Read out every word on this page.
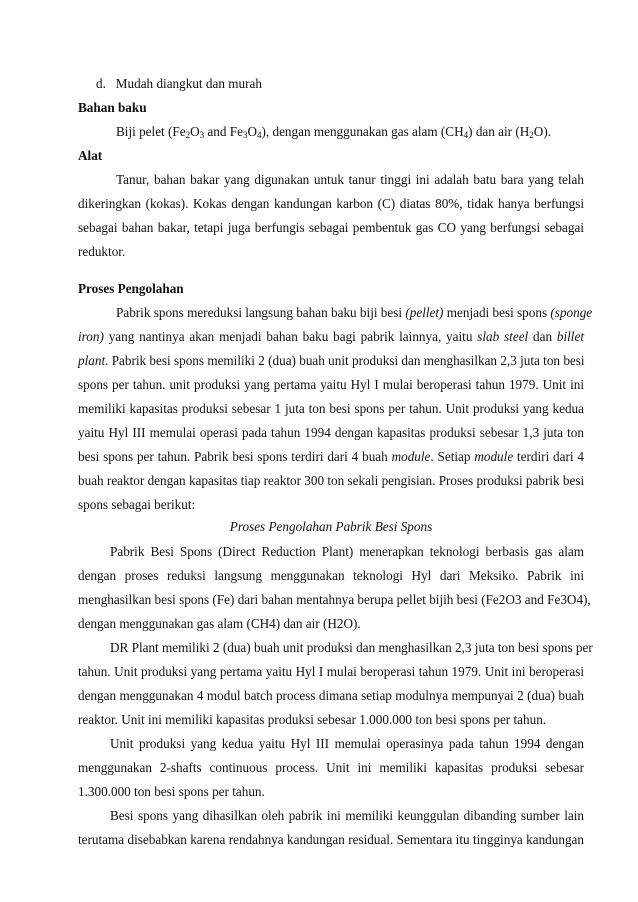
d. Mudah diangkut dan murah
Bahan baku
Biji pelet ($Fe_2O_3$ and $Fe_3O_4$), dengan menggunakan gas alam $(CH_4)$ dan air $(H_2O)$.
Alat
Tanur, bahan bakar yang digunakan untuk tanur tinggi ini adalah batu bara yang telah
dikeringkan (kokas). Kokas dengan kandungan karbon (C) diatas 80%, tidak hanya berfungsi
sebagai bahan bakar, tetapi juga berfungis sebagai pembentuk gas CO yang berfungsi sebagai
reduktor.
Proses Pengolahan
Pabrik spons mereduksi langsung bahan baku biji besi (pellet) menjadi besi spons (sponge
iron) yang nantinya akan menjadi bahan baku bagi pabrik lainnya, yaitu slab steel dan billet
plant. Pabrik besi spons memiliki 2 (dua) buah unit produksi dan menghasilkan 2,3 juta ton besi
spons per tahun. unit produksi yang pertama yaitu Hyl I mulai beroperasi tahun 1979. Unit ini
memiliki kapasitas produksi sebesar 1 juta ton besi spons per tahun. Unit produksi yang kedua
yaitu Hyl III memulai operasi pada tahun 1994 dengan kapasitas produksi sebesar 1,3 juta ton
besi spons per tahun. Pabrik besi spons terdiri dari 4 buah module. Setiap module terdiri dari 4
buah reaktor dengan kapasitas tiap reaktor 300 ton sekali pengisian. Proses produksi pabrik besi
spons sebagai berikut:
Proses Pengolahan Pabrik Besi Spons
Pabrik Besi Spons (Direct Reduction Plant) menerapkan teknologi berbasis gas alam
dengan proses reduksi langsung menggunakan teknologi Hyl dari Meksiko. Pabrik ini
menghasilkan besi spons (Fe) dari bahan mentahnya berupa pellet bijih besi (Fe2O3 and Fe3O4),
dengan menggunakan gas alam (CH4) dan air (H2O).
DR Plant memiliki 2 (dua) buah unit produksi dan menghasilkan 2,3 juta ton besi spons per
tahun. Unit produksi yang pertama yaitu Hyl I mulai beroperasi tahun 1979. Unit ini beroperasi
dengan menggunakan 4 modul batch process dimana setiap modulnya mempunyai 2 (dua) buah
reaktor. Unit ini memiliki kapasitas produksi sebesar 1.000.000 ton besi spons per tahun.
Unit produksi yang kedua yaitu Hyl III memulai operasinya pada tahun 1994 dengan
menggunakan 2-shafts continuous process. Unit ini memiliki kapasitas produksi sebesar
1.300.000 ton besi spons per tahun.
Besi spons yang dihasilkan oleh pabrik ini memiliki keunggulan dibanding sumber lain
terutama disebabkan karena rendahnya kandungan residual. Sementara itu tingginya kandungan
